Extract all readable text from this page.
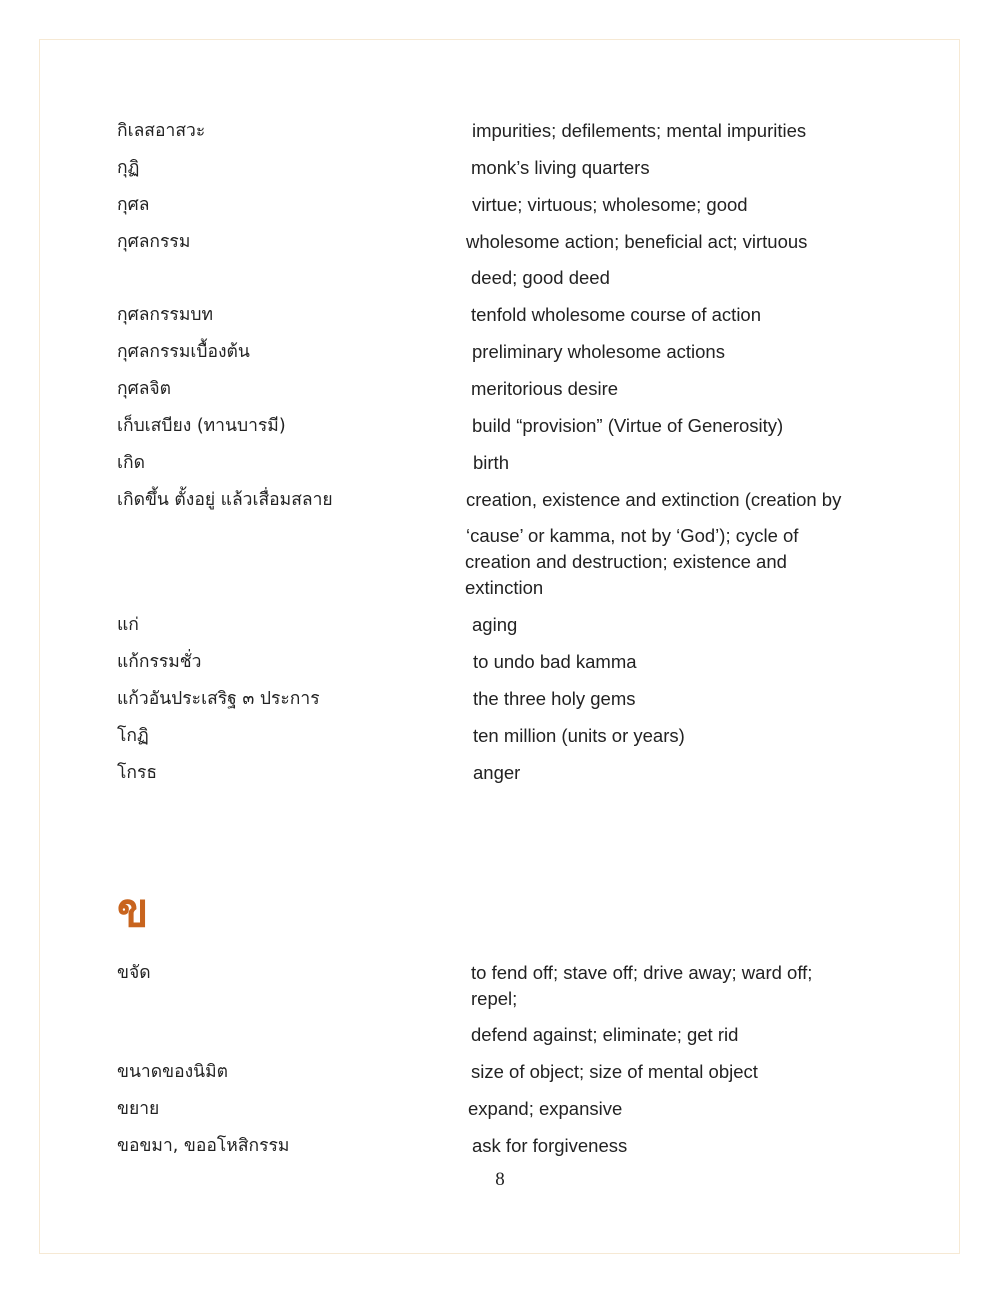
กิเลสอาสวะ	impurities; defilements; mental impurities
กุฏิ	monk’s living quarters
กุศล	virtue; virtuous; wholesome; good
กุศลกรรม	wholesome action; beneficial act; virtuous
deed; good deed
กุศลกรรมบท	tenfold wholesome course of action
กุศลกรรมเบื้องต้น	preliminary wholesome actions
กุศลจิต	meritorious desire
เก็บเสบียง (ทานบารมี)	build “provision” (Virtue of Generosity)
เกิด	birth
เกิดขึ้น ตั้งอยู่ แล้วเสื่อมสลาย	creation, existence and extinction (creation by
‘cause’ or kamma, not by ‘God’); cycle of
creation and destruction; existence and
extinction
แก่	aging
แก้กรรมชั่ว	to undo bad kamma
แก้วอันประเสริฐ ๓ ประการ	the three holy gems
โกฏิ	ten million (units or years)
โกรธ	anger
ข
ขจัด	to fend off; stave off; drive away; ward off;
repel;
defend against; eliminate; get rid
ขนาดของนิมิต	size of object; size of mental object
ขยาย	expand; expansive
ขอขมา, ขออโหสิกรรม	ask for forgiveness
8
